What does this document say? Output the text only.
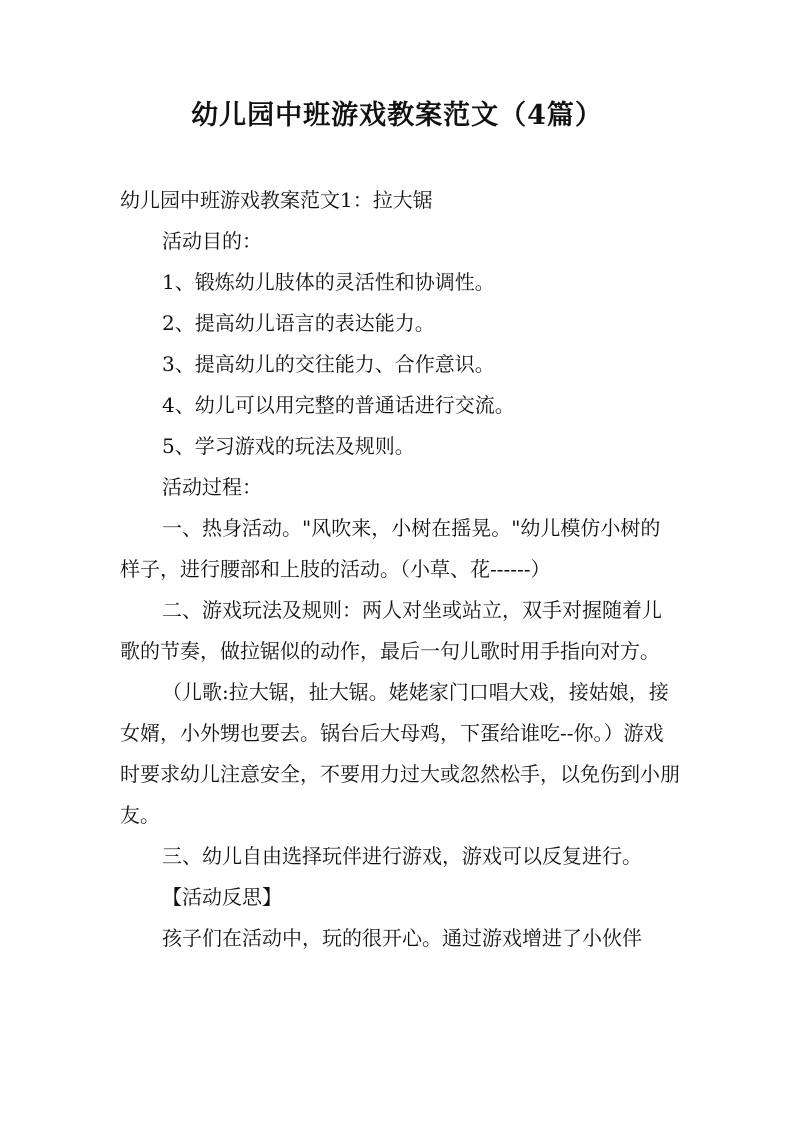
幼儿园中班游戏教案范文（4篇）

幼儿园中班游戏教案范文1：拉大锯

活动目的：

1、锻炼幼儿肢体的灵活性和协调性。

2、提高幼儿语言的表达能力。

3、提高幼儿的交往能力、合作意识。

4、幼儿可以用完整的普通话进行交流。

5、学习游戏的玩法及规则。

活动过程：

一、热身活动。"风吹来，小树在摇晃。"幼儿模仿小树的样子，进行腰部和上肢的活动。（小草、花------）

二、游戏玩法及规则：两人对坐或站立，双手对握随着儿歌的节奏，做拉锯似的动作，最后一句儿歌时用手指向对方。

（儿歌:拉大锯，扯大锯。姥姥家门口唱大戏，接姑娘，接女婿，小外甥也要去。锅台后大母鸡，下蛋给谁吃--你。）游戏时要求幼儿注意安全，不要用力过大或忽然松手，以免伤到小朋友。

三、幼儿自由选择玩伴进行游戏，游戏可以反复进行。

【活动反思】

孩子们在活动中，玩的很开心。通过游戏增进了小伙伴
